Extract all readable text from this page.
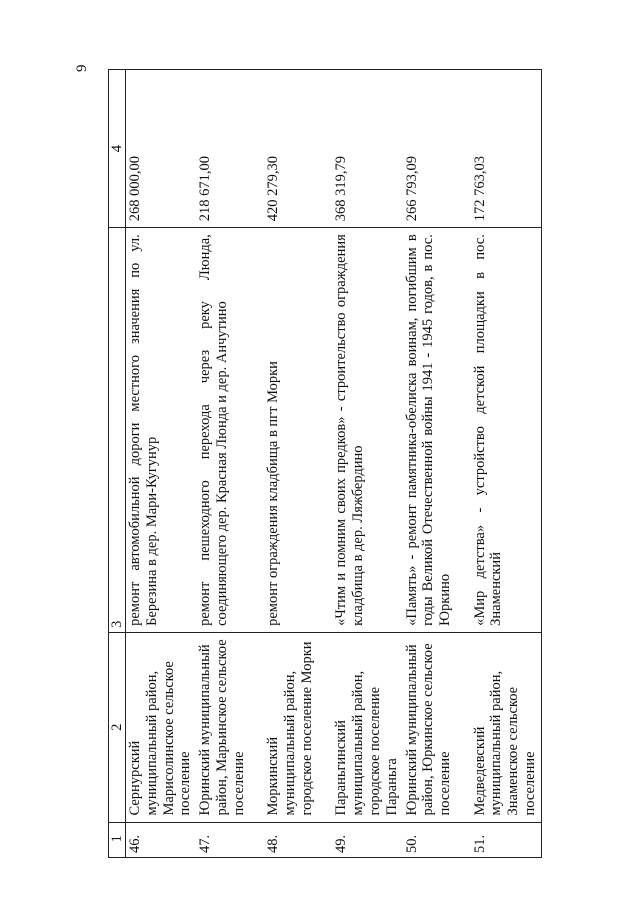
9
1	2	3	4
46.	Сернурский муниципальный район, Марисолинское сельское поселение	ремонт автомобильной дороги местного значения по ул. Березина в дер. Мари-Кугунур	268 000,00
47.	Юринский муниципальный район, Марьинское сельское поселение	ремонт пешеходного перехода через реку Люнда, соединяющего дер. Красная Люнда и дер. Анчутино	218 671,00
48.	Моркинский муниципальный район, городское поселение Морки	ремонт ограждения кладбища в пгт Морки	420 279,30
49.	Параньгинский муниципальный район, городское поселение Параньга	«Чтим и помним своих предков» - строительство ограждения кладбища в дер. Ляжбердино	368 319,79
50.	Юринский муниципальный район, Юркинское сельское поселение	«Память» - ремонт памятника-обелиска воинам, погибшим в годы Великой Отечественной войны 1941 - 1945 годов, в пос. Юркино	266 793,09
51.	Медведевский муниципальный район, Знаменское сельское поселение	«Мир детства» - устройство детской площадки в пос. Знаменский	172 763,03
